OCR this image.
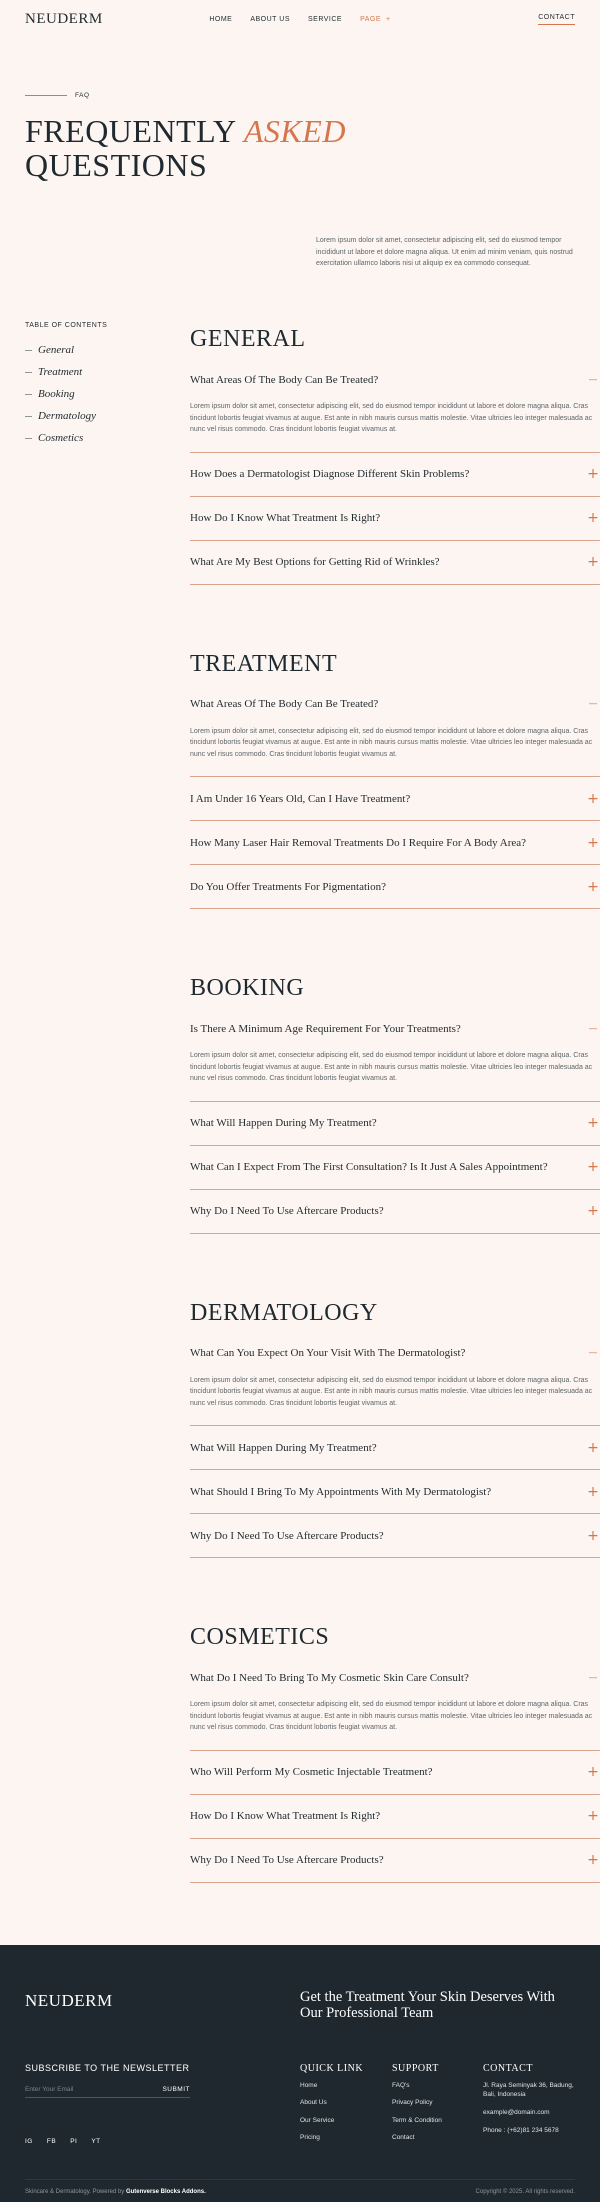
NEUDERM	HOME	ABOUT US	SERVICE	PAGE +	CONTACT
FAQ
FREQUENTLY ASKED
QUESTIONS

Lorem ipsum dolor sit amet, consectetur adipiscing elit, sed do eiusmod tempor incididunt ut labore et dolore magna aliqua. Ut enim ad minim veniam, quis nostrud exercitation ullamco laboris nisi ut aliquip ex ea commodo consequat.

TABLE OF CONTENTS
General
Treatment
Booking
Dermatology
Cosmetics
GENERAL
What Areas Of The Body Can Be Treated?	—

Lorem ipsum dolor sit amet, consectetur adipiscing elit, sed do eiusmod tempor incididunt ut labore et dolore magna aliqua. Cras tincidunt lobortis feugiat vivamus at augue. Est ante in nibh mauris cursus mattis molestie. Vitae ultricies leo integer malesuada ac nunc vel risus commodo. Cras tincidunt lobortis feugiat vivamus at.

How Does a Dermatologist Diagnose Different Skin Problems?	+
How Do I Know What Treatment Is Right?	+
What Are My Best Options for Getting Rid of Wrinkles?	+
TREATMENT
What Areas Of The Body Can Be Treated?	—

Lorem ipsum dolor sit amet, consectetur adipiscing elit, sed do eiusmod tempor incididunt ut labore et dolore magna aliqua. Cras tincidunt lobortis feugiat vivamus at augue. Est ante in nibh mauris cursus mattis molestie. Vitae ultricies leo integer malesuada ac nunc vel risus commodo. Cras tincidunt lobortis feugiat vivamus at.

I Am Under 16 Years Old, Can I Have Treatment?	+
How Many Laser Hair Removal Treatments Do I Require For A Body Area?	+
Do You Offer Treatments For Pigmentation?	+
BOOKING
Is There A Minimum Age Requirement For Your Treatments?	—

Lorem ipsum dolor sit amet, consectetur adipiscing elit, sed do eiusmod tempor incididunt ut labore et dolore magna aliqua. Cras tincidunt lobortis feugiat vivamus at augue. Est ante in nibh mauris cursus mattis molestie. Vitae ultricies leo integer malesuada ac nunc vel risus commodo. Cras tincidunt lobortis feugiat vivamus at.

What Will Happen During My Treatment?	+
What Can I Expect From The First Consultation? Is It Just A Sales Appointment?	+
Why Do I Need To Use Aftercare Products?	+
DERMATOLOGY
What Can You Expect On Your Visit With The Dermatologist?	—

Lorem ipsum dolor sit amet, consectetur adipiscing elit, sed do eiusmod tempor incididunt ut labore et dolore magna aliqua. Cras tincidunt lobortis feugiat vivamus at augue. Est ante in nibh mauris cursus mattis molestie. Vitae ultricies leo integer malesuada ac nunc vel risus commodo. Cras tincidunt lobortis feugiat vivamus at.

What Will Happen During My Treatment?	+
What Should I Bring To My Appointments With My Dermatologist?	+
Why Do I Need To Use Aftercare Products?	+
COSMETICS
What Do I Need To Bring To My Cosmetic Skin Care Consult?	—

Lorem ipsum dolor sit amet, consectetur adipiscing elit, sed do eiusmod tempor incididunt ut labore et dolore magna aliqua. Cras tincidunt lobortis feugiat vivamus at augue. Est ante in nibh mauris cursus mattis molestie. Vitae ultricies leo integer malesuada ac nunc vel risus commodo. Cras tincidunt lobortis feugiat vivamus at.

Who Will Perform My Cosmetic Injectable Treatment?	+
How Do I Know What Treatment Is Right?	+
Why Do I Need To Use Aftercare Products?	+
NEUDERM	Get the Treatment Your Skin Deserves With Our Professional Team
SUBSCRIBE TO THE NEWSLETTER
Enter Your Email
SUBMIT
IG FB PI YT
QUICK LINK
Home
About Us
Our Service
Pricing
SUPPORT
FAQ's
Privacy Policy
Term & Condition
Contact
CONTACT

Jl. Raya Seminyak 36, Badung, Bali, Indonesia

example@domain.com

Phone : (+62)81 234 5678

Skincare & Dermatology. Powered by Gutenverse Blocks Addons.	Copyright © 2025. All rights reserved.
